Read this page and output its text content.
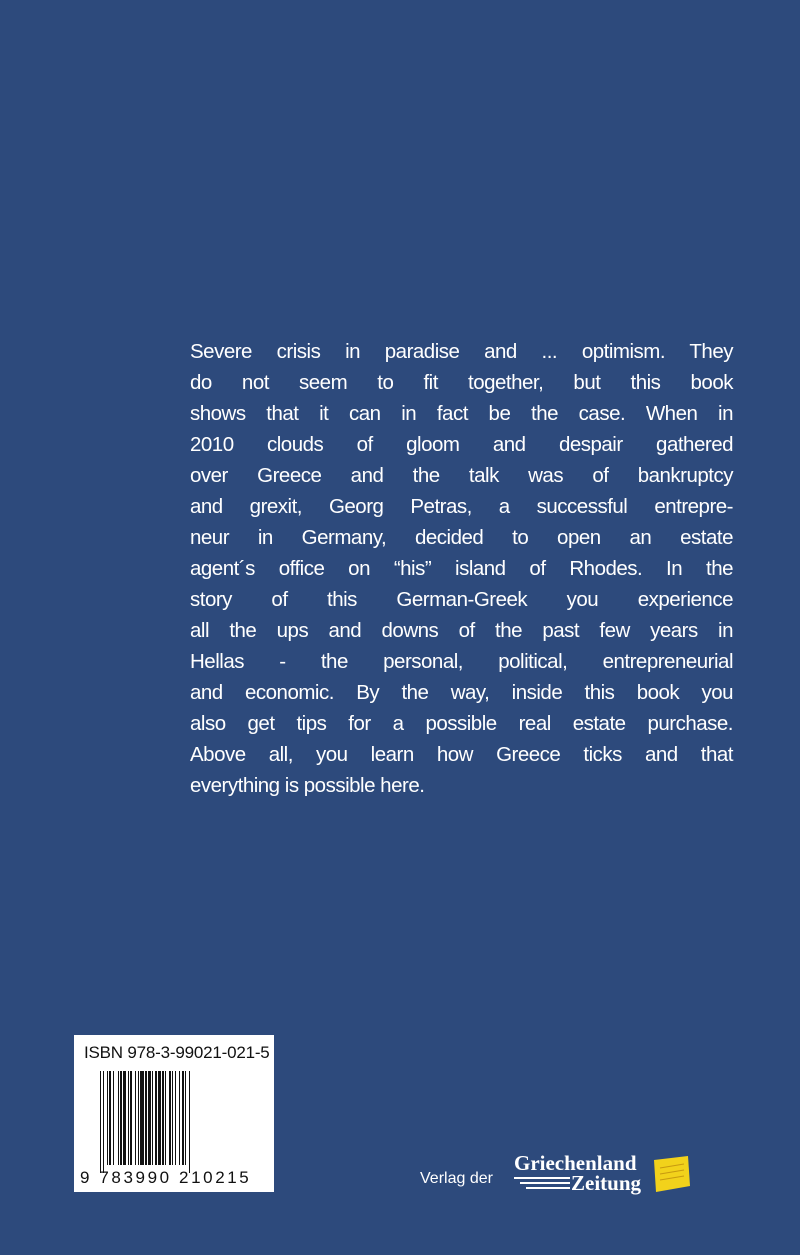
Severe crisis in paradise and ... optimism. They
do not seem to fit together, but this book
shows that it can in fact be the case. When in
2010 clouds of gloom and despair gathered
over Greece and the talk was of bankruptcy
and grexit, Georg Petras, a successful entrepre-
neur in Germany, decided to open an estate
agent´s office on “his” island of Rhodes. In the
story of this German-Greek you experience
all the ups and downs of the past few years in
Hellas - the personal, political, entrepreneurial
and economic. By the way, inside this book you
also get tips for a possible real estate purchase.
Above all, you learn how Greece ticks and that
everything is possible here.
ISBN 978-3-99021-021-5
9 783990 210215	Verlag der
Griechenland
Zeitung
